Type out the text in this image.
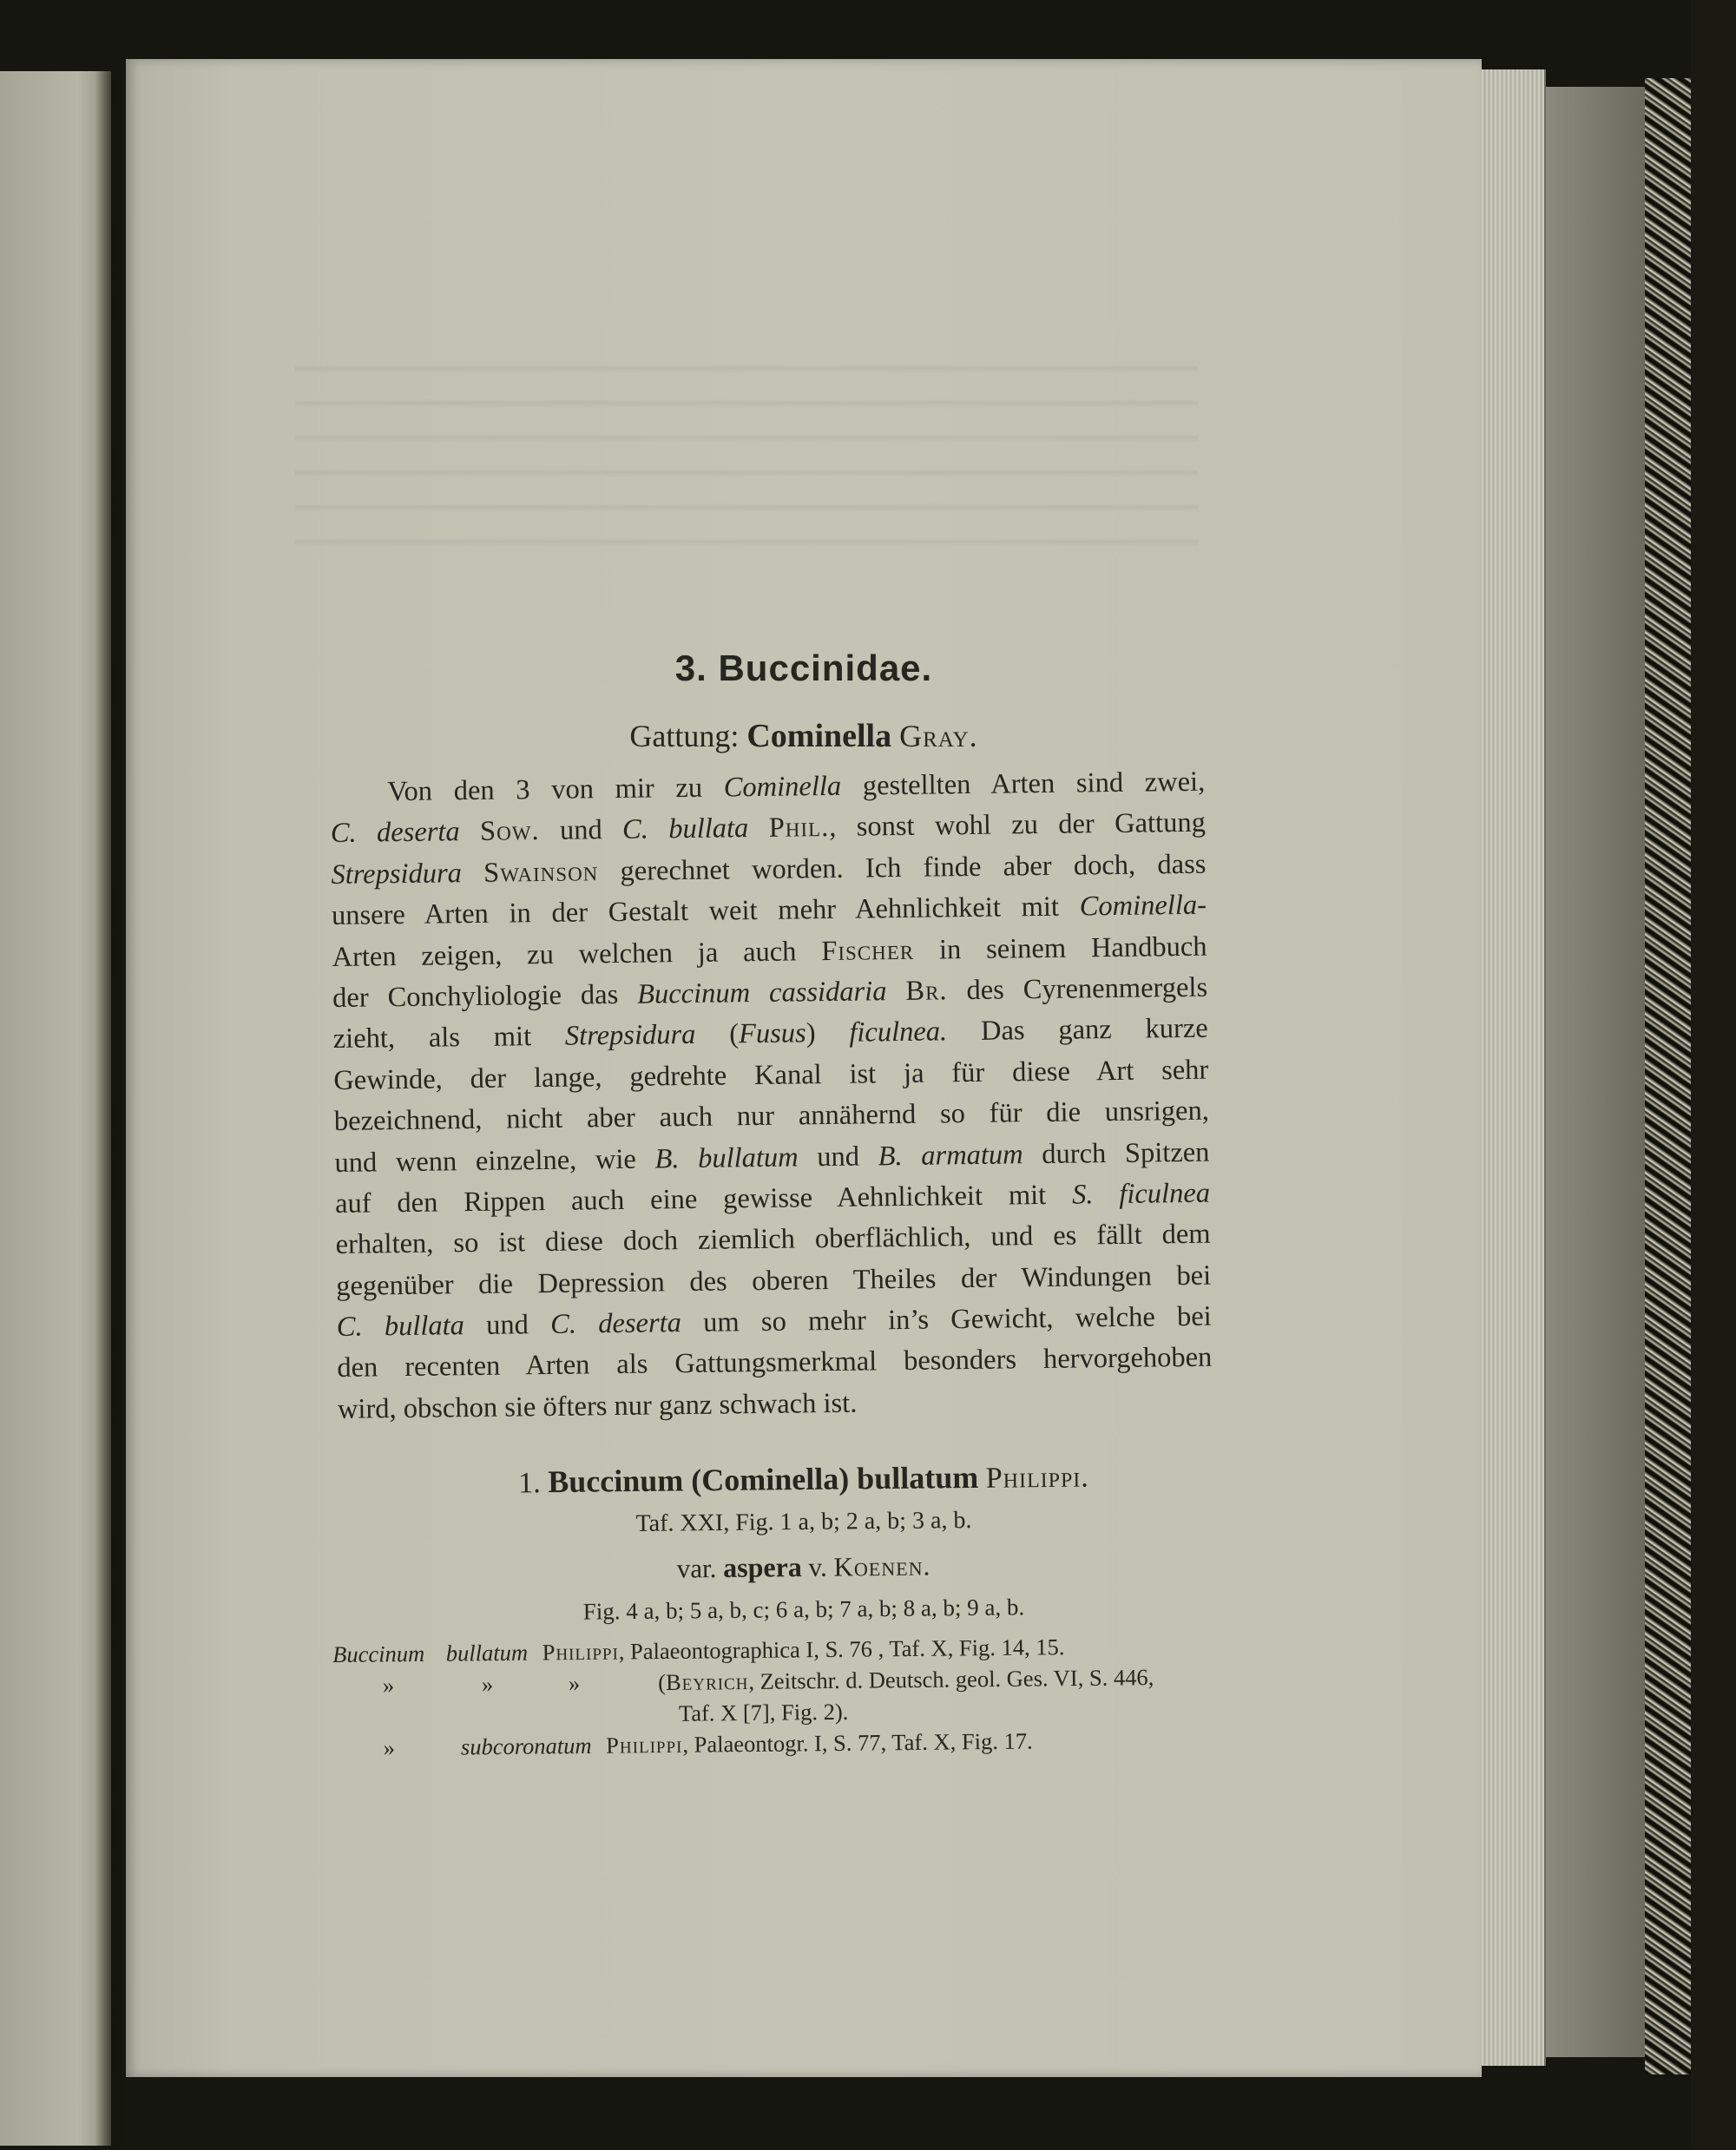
3. Buccinidae.
Gattung: Cominella Gray.
Von den 3 von mir zu Cominella gestellten Arten sind zwei,
C. deserta Sow. und C. bullata Phil., sonst wohl zu der Gattung
Strepsidura Swainson gerechnet worden. Ich finde aber doch, dass
unsere Arten in der Gestalt weit mehr Aehnlichkeit mit Cominella-
Arten zeigen, zu welchen ja auch Fischer in seinem Handbuch
der Conchyliologie das Buccinum cassidaria Br. des Cyrenenmergels
zieht, als mit Strepsidura (Fusus) ficulnea. Das ganz kurze
Gewinde, der lange, gedrehte Kanal ist ja für diese Art sehr
bezeichnend, nicht aber auch nur annähernd so für die unsrigen,
und wenn einzelne, wie B. bullatum und B. armatum durch Spitzen
auf den Rippen auch eine gewisse Aehnlichkeit mit S. ficulnea
erhalten, so ist diese doch ziemlich oberflächlich, und es fällt dem
gegenüber die Depression des oberen Theiles der Windungen bei
C. bullata und C. deserta um so mehr in’s Gewicht, welche bei
den recenten Arten als Gattungsmerkmal besonders hervorgehoben
wird, obschon sie öfters nur ganz schwach ist.
1. Buccinum (Cominella) bullatum Philippi.
Taf. XXI, Fig. 1 a, b; 2 a, b; 3 a, b.
var. aspera v. Koenen.
Fig. 4 a, b; 5 a, b, c; 6 a, b; 7 a, b; 8 a, b; 9 a, b.
Buccinum bullatum Philippi, Palaeontographica I, S. 76 , Taf. X, Fig. 14, 15.
»	»	»	(Beyrich, Zeitschr. d. Deutsch. geol. Ges. VI, S. 446,
Taf. X [7], Fig. 2).
»	subcoronatum Philippi, Palaeontogr. I, S. 77, Taf. X, Fig. 17.
